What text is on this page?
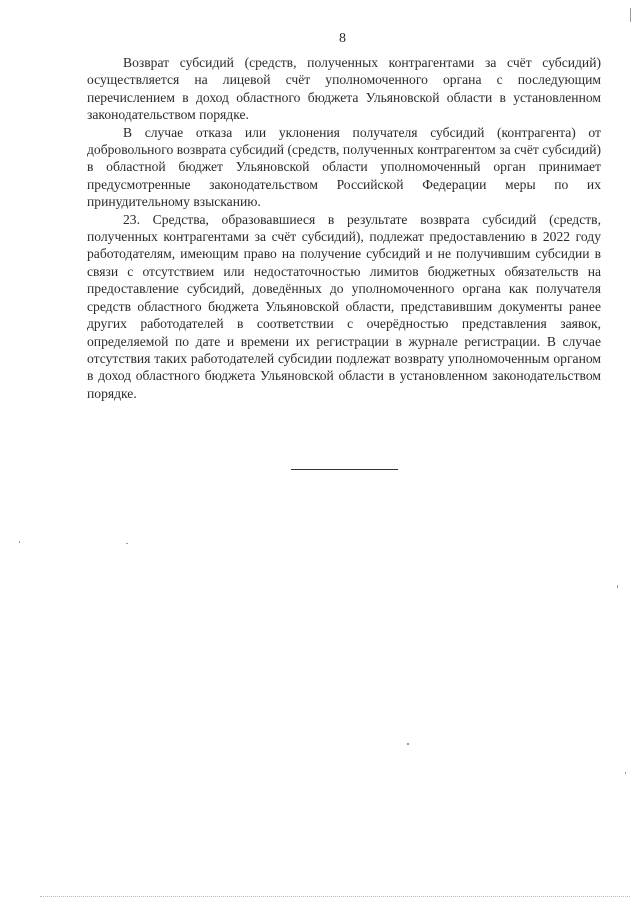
8

Возврат субсидий (средств, полученных контрагентами за счёт субсидий) осуществляется на лицевой счёт уполномоченного органа с последующим перечислением в доход областного бюджета Ульяновской области в установленном законодательством порядке.

В случае отказа или уклонения получателя субсидий (контрагента) от добровольного возврата субсидий (средств, полученных контрагентом за счёт субсидий) в областной бюджет Ульяновской области уполномоченный орган принимает предусмотренные законодательством Российской Федерации меры по их принудительному взысканию.

23. Средства, образовавшиеся в результате возврата субсидий (средств, полученных контрагентами за счёт субсидий), подлежат предоставлению в 2022 году работодателям, имеющим право на получение субсидий и не получившим субсидии в связи с отсутствием или недостаточностью лимитов бюджетных обязательств на предоставление субсидий, доведённых до уполномоченного органа как получателя средств областного бюджета Ульяновской области, представившим документы ранее других работодателей в соответствии с очерёдностью представления заявок, определяемой по дате и времени их регистрации в журнале регистрации. В случае отсутствия таких работодателей субсидии подлежат возврату уполномоченным органом в доход областного бюджета Ульяновской области в установленном законодательством порядке.
